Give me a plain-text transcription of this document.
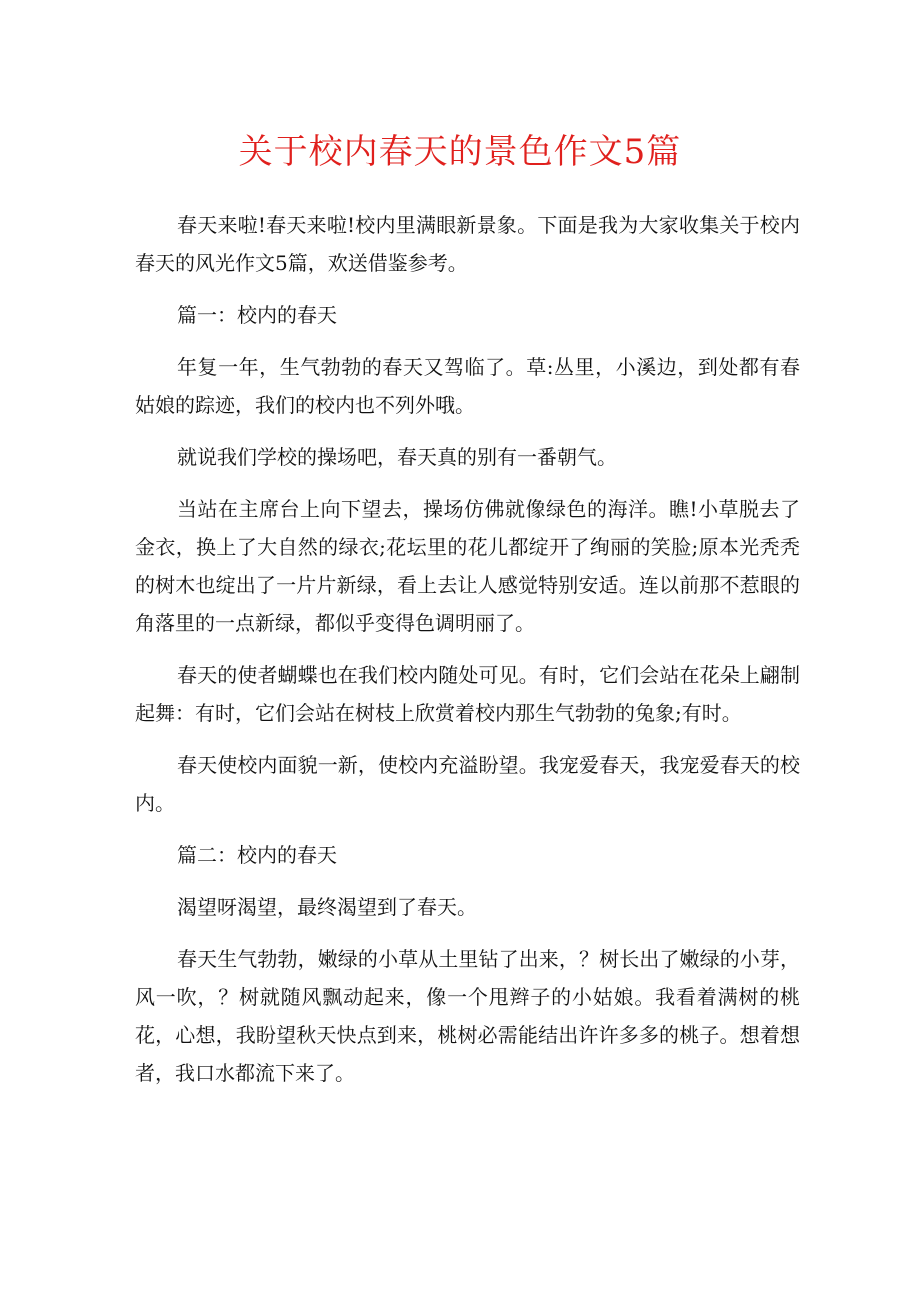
关于校内春天的景色作文5篇

春天来啦!春天来啦!校内里满眼新景象。下面是我为大家收集关于校内春天的风光作文5篇，欢送借鉴参考。

篇一：校内的春天

年复一年，生气勃勃的春天又驾临了。草:丛里，小溪边，到处都有春姑娘的踪迹，我们的校内也不列外哦。

就说我们学校的操场吧，春天真的别有一番朝气。

当站在主席台上向下望去，操场仿佛就像绿色的海洋。瞧!小草脱去了金衣，换上了大自然的绿衣;花坛里的花儿都绽开了绚丽的笑脸;原本光秃秃的树木也绽出了一片片新绿，看上去让人感觉特别安适。连以前那不惹眼的角落里的一点新绿，都似乎变得色调明丽了。

春天的使者蝴蝶也在我们校内随处可见。有时，它们会站在花朵上翩制起舞：有时，它们会站在树枝上欣赏着校内那生气勃勃的兔象;有时。

春天使校内面貌一新，使校内充溢盼望。我宠爱春天，我宠爱春天的校内。

篇二：校内的春天

渴望呀渴望，最终渴望到了春天。

春天生气勃勃，嫩绿的小草从土里钻了出来，？树长出了嫩绿的小芽，风一吹，？树就随风飘动起来，像一个甩辫子的小姑娘。我看着满树的桃花，心想，我盼望秋天快点到来，桃树必需能结出许许多多的桃子。想着想者，我口水都流下来了。
